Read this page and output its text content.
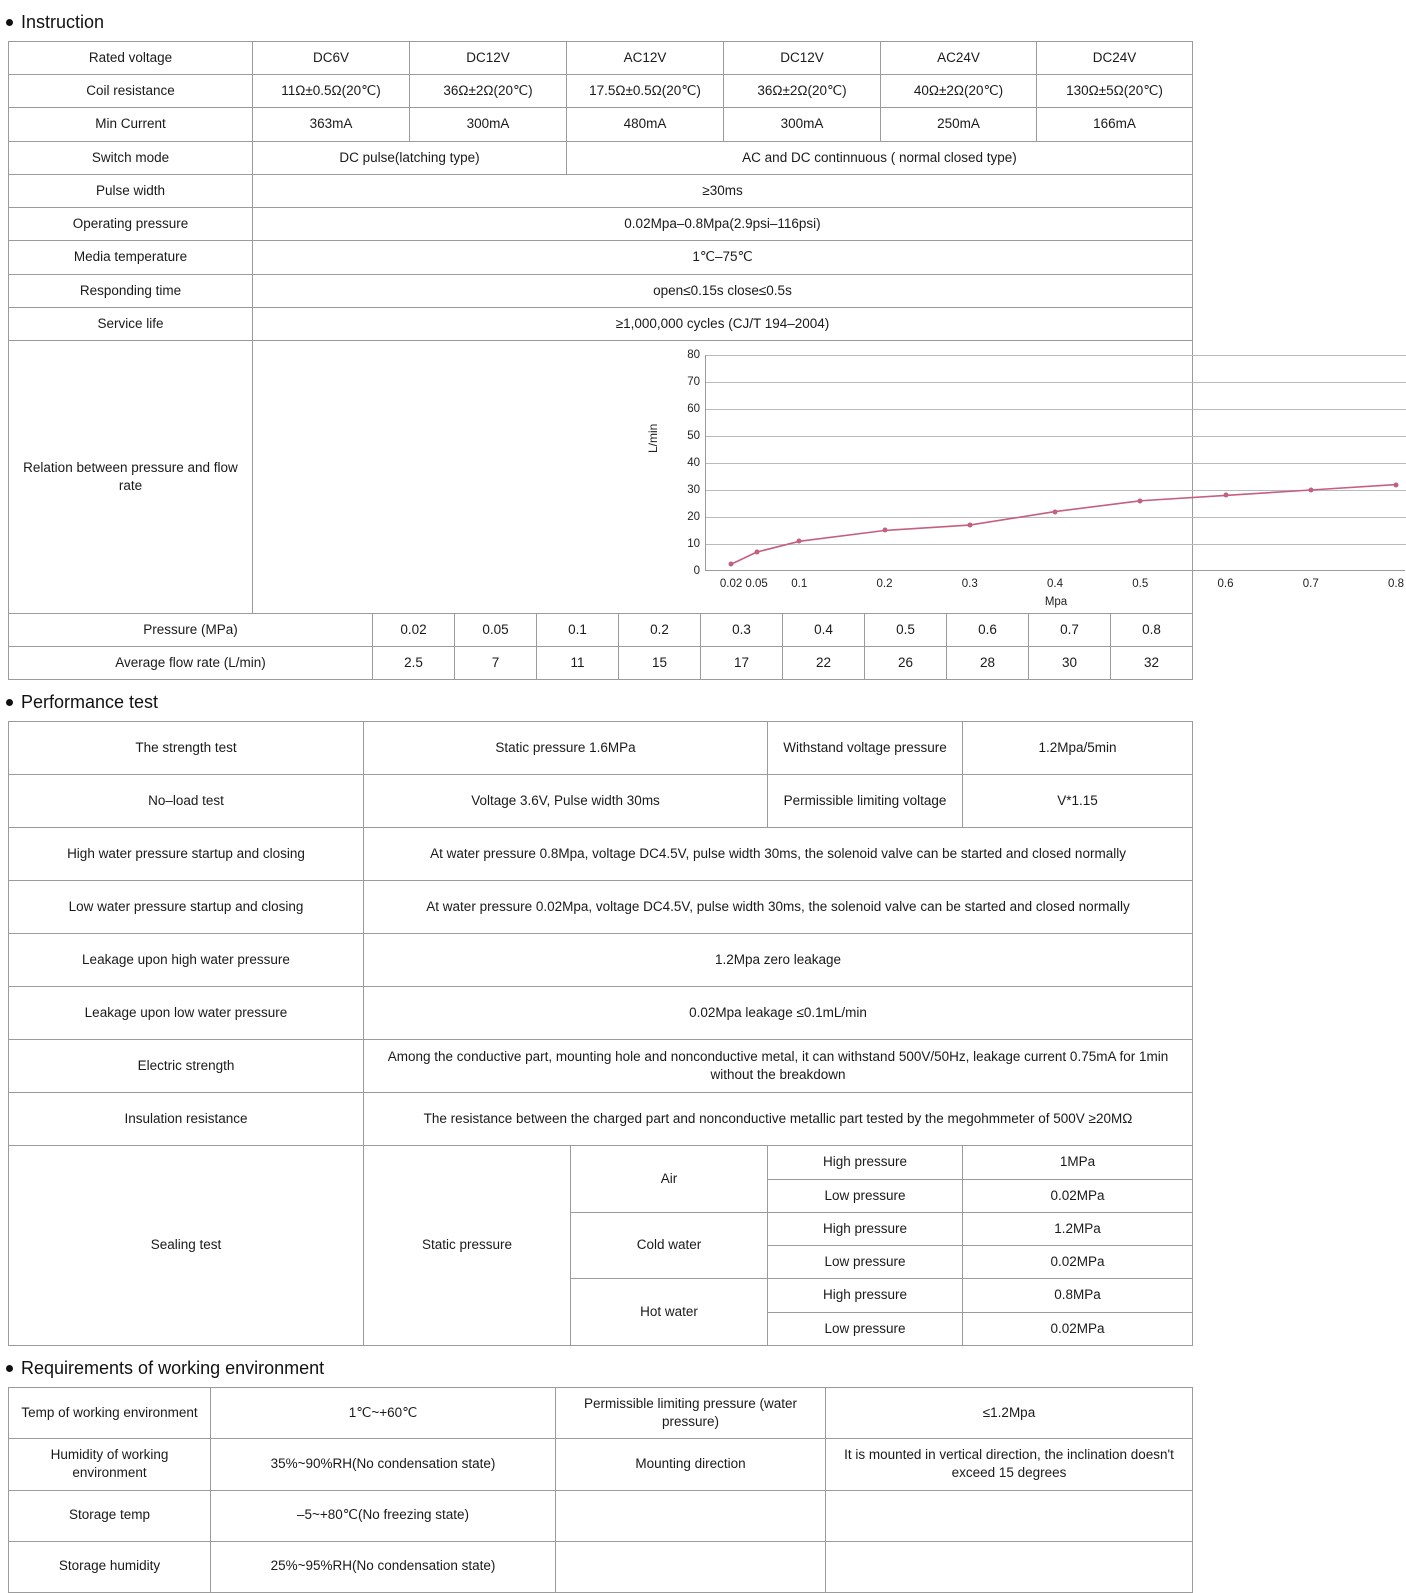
Instruction
Rated voltage	DC6V	DC12V	AC12V	DC12V	AC24V	DC24V
Coil resistance	11Ω±0.5Ω(20℃)	36Ω±2Ω(20℃)	17.5Ω±0.5Ω(20℃)	36Ω±2Ω(20℃)	40Ω±2Ω(20℃)	130Ω±5Ω(20℃)
Min Current	363mA	300mA	480mA	300mA	250mA	166mA
Switch mode	DC pulse(latching type)		AC and DC continnuous ( normal closed type)			
Pulse width	≥30ms					
Operating pressure	0.02Mpa–0.8Mpa(2.9psi–116psi)					
Media temperature	1℃–75℃					
Responding time	open≤0.15s close≤0.5s					
Service life	≥1,000,000 cycles (CJ/T 194–2004)					
Relation between pressure and flow rate	
L/min
0
10
20
30
40
50
60
70
80
0.02 0.05 0.1	0.2	0.3	0.4	0.5	0.6	0.7	0.8
Mpa
Pressure (MPa)	0.02	0.05	0.1	0.2	0.3	0.4	0.5	0.6	0.7	0.8
Average flow rate (L/min)	2.5	7	11	15	17	22	26	28	30	32
Performance test
The strength test	Static pressure 1.6MPa		Withstand voltage pressure	1.2Mpa/5min
No–load test	Voltage 3.6V, Pulse width 30ms		Permissible limiting voltage	V*1.15
High water pressure startup and closing	At water pressure 0.8Mpa, voltage DC4.5V, pulse width 30ms, the solenoid valve can be started and closed normally			
Low water pressure startup and closing	At water pressure 0.02Mpa, voltage DC4.5V, pulse width 30ms, the solenoid valve can be started and closed normally			
Leakage upon high water pressure	1.2Mpa zero leakage			
Leakage upon low water pressure	0.02Mpa leakage ≤0.1mL/min			
Electric strength	Among the conductive part, mounting hole and nonconductive metal, it can withstand 500V/50Hz, leakage current 0.75mA for 1min without the breakdown			
Insulation resistance	The resistance between the charged part and nonconductive metallic part tested by the megohmmeter of 500V ≥20MΩ			
Sealing test	Static pressure	Air	High pressure	1MPa
			Low pressure	0.02MPa
		Cold water	High pressure	1.2MPa
			Low pressure	0.02MPa
		Hot water	High pressure	0.8MPa
			Low pressure	0.02MPa
Requirements of working environment
Temp of working environment	1℃~+60℃	Permissible limiting pressure (water pressure)	≤1.2Mpa
Humidity of working environment	35%~90%RH(No condensation state)	Mounting direction	It is mounted in vertical direction, the inclination doesn't exceed 15 degrees
Storage temp	–5~+80℃(No freezing state)		
Storage humidity	25%~95%RH(No condensation state)		
